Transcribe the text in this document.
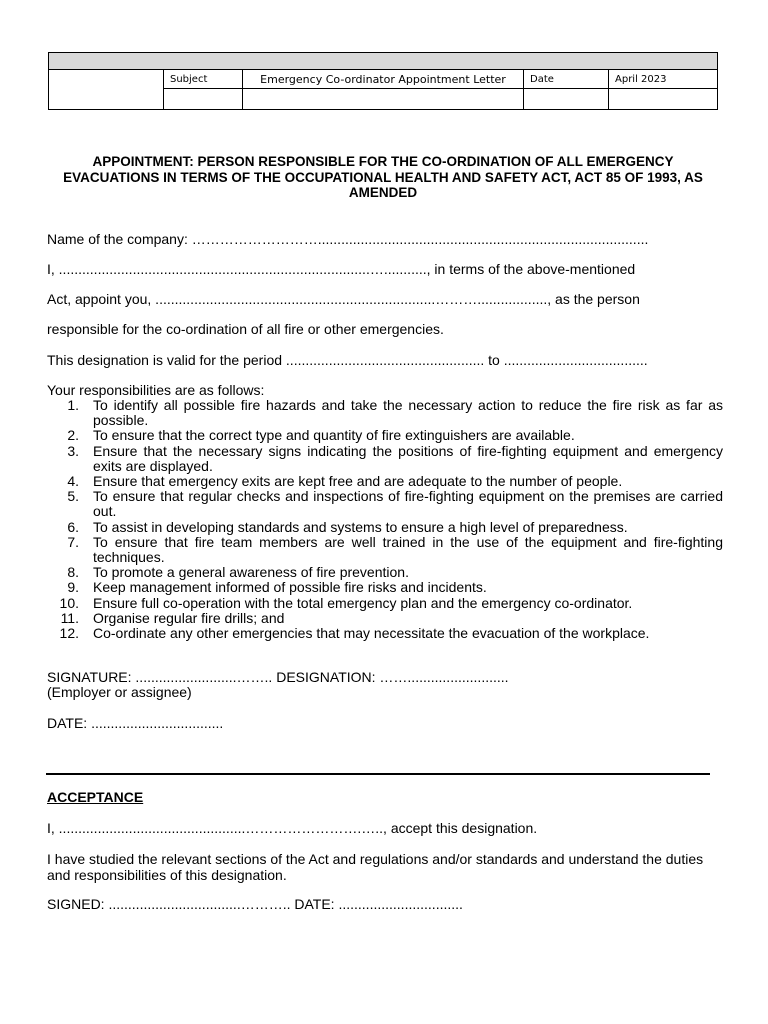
	Subject	Emergency Co-ordinator Appointment Letter	Date	April 2023

APPOINTMENT: PERSON RESPONSIBLE FOR THE CO-ORDINATION OF ALL EMERGENCY EVACUATIONS IN TERMS OF THE OCCUPATIONAL HEALTH AND SAFETY ACT, ACT 85 OF 1993, AS AMENDED
Name of the company: ……………………….....................................................................................
I, ................................................................................…..........., in terms of the above-mentioned
Act, appoint you, ........................................................................……….................., as the person
responsible for the co-ordination of all fire or other emergencies.
This designation is valid for the period ................................................... to .....................................
Your responsibilities are as follows:
1. To identify all possible fire hazards and take the necessary action to reduce the fire risk as far as possible.
2. To ensure that the correct type and quantity of fire extinguishers are available.
3. Ensure that the necessary signs indicating the positions of fire-fighting equipment and emergency exits are displayed.
4. Ensure that emergency exits are kept free and are adequate to the number of people.
5. To ensure that regular checks and inspections of fire-fighting equipment on the premises are carried out.
6. To assist in developing standards and systems to ensure a high level of preparedness.
7. To ensure that fire team members are well trained in the use of the equipment and fire-fighting techniques.
8. To promote a general awareness of fire prevention.
9. Keep management informed of possible fire risks and incidents.
10. Ensure full co-operation with the total emergency plan and the emergency co-ordinator.
11. Organise regular fire drills; and
12. Co-ordinate any other emergencies that may necessitate the evacuation of the workplace.
SIGNATURE: ..........................…….. DESIGNATION: ……..........................
(Employer or assignee)
DATE: ..................................
ACCEPTANCE
I, ................................................…………………….….., accept this designation.
I have studied the relevant sections of the Act and regulations and/or standards and understand the duties and responsibilities of this designation.
SIGNED: ..................................……….. DATE: ................................
